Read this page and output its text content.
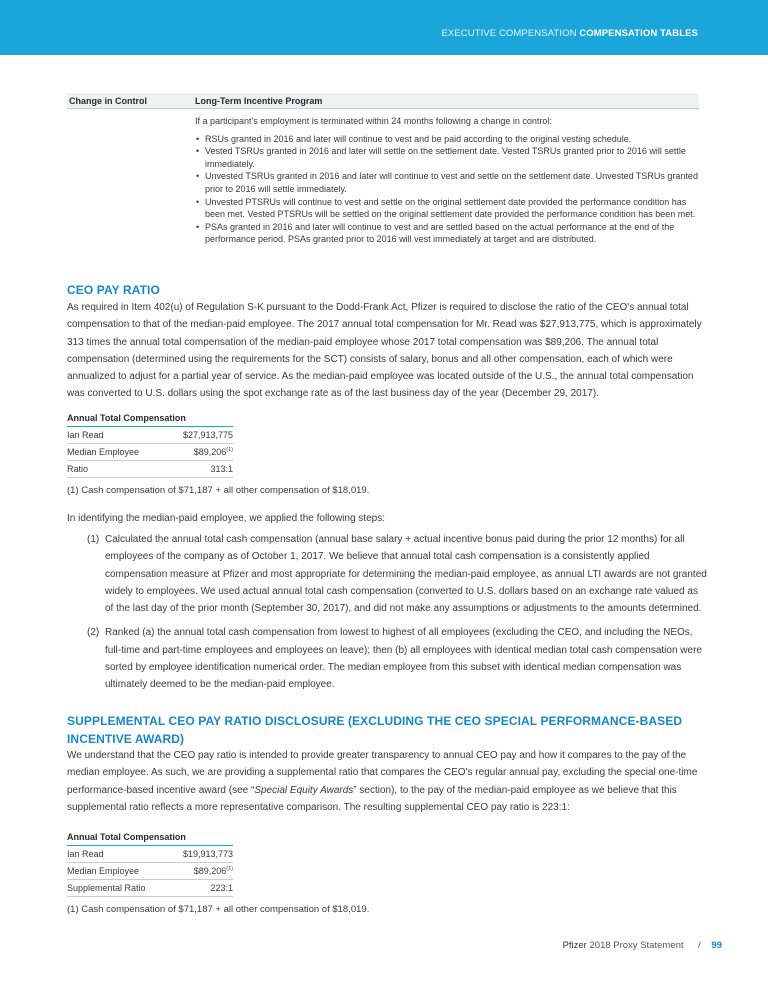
EXECUTIVE COMPENSATION COMPENSATION TABLES
Change in Control	Long-Term Incentive Program
If a participant's employment is terminated within 24 months following a change in control:
• RSUs granted in 2016 and later will continue to vest and be paid according to the original vesting schedule.
• Vested TSRUs granted in 2016 and later will settle on the settlement date. Vested TSRUs granted prior to 2016 will settle immediately.
• Unvested TSRUs granted in 2016 and later will continue to vest and settle on the settlement date. Unvested TSRUs granted prior to 2016 will settle immediately.
• Unvested PTSRUs will continue to vest and settle on the original settlement date provided the performance condition has been met. Vested PTSRUs will be settled on the original settlement date provided the performance condition has been met.
• PSAs granted in 2016 and later will continue to vest and are settled based on the actual performance at the end of the performance period. PSAs granted prior to 2016 will vest immediately at target and are distributed.
CEO PAY RATIO
As required in Item 402(u) of Regulation S-K pursuant to the Dodd-Frank Act, Pfizer is required to disclose the ratio of the CEO's annual total compensation to that of the median-paid employee. The 2017 annual total compensation for Mr. Read was $27,913,775, which is approximately 313 times the annual total compensation of the median-paid employee whose 2017 total compensation was $89,206. The annual total compensation (determined using the requirements for the SCT) consists of salary, bonus and all other compensation, each of which were annualized to adjust for a partial year of service. As the median-paid employee was located outside of the U.S., the annual total compensation was converted to U.S. dollars using the spot exchange rate as of the last business day of the year (December 29, 2017).
Annual Total Compensation
Ian Read	$27,913,775
Median Employee	$89,206$^{(1)}$
Ratio	313:1
(1) Cash compensation of $71,187 + all other compensation of $18,019.
In identifying the median-paid employee, we applied the following steps:
(1) Calculated the annual total cash compensation (annual base salary + actual incentive bonus paid during the prior 12 months) for all employees of the company as of October 1, 2017. We believe that annual total cash compensation is a consistently applied compensation measure at Pfizer and most appropriate for determining the median-paid employee, as annual LTI awards are not granted widely to employees. We used actual annual total cash compensation (converted to U.S. dollars based on an exchange rate valued as of the last day of the prior month (September 30, 2017), and did not make any assumptions or adjustments to the amounts determined.
(2) Ranked (a) the annual total cash compensation from lowest to highest of all employees (excluding the CEO, and including the NEOs, full-time and part-time employees and employees on leave); then (b) all employees with identical median total cash compensation were sorted by employee identification numerical order. The median employee from this subset with identical median compensation was ultimately deemed to be the median-paid employee.
SUPPLEMENTAL CEO PAY RATIO DISCLOSURE (EXCLUDING THE CEO SPECIAL PERFORMANCE-BASED INCENTIVE AWARD)
We understand that the CEO pay ratio is intended to provide greater transparency to annual CEO pay and how it compares to the pay of the median employee. As such, we are providing a supplemental ratio that compares the CEO's regular annual pay, excluding the special one-time performance-based incentive award (see “Special Equity Awards” section), to the pay of the median-paid employee as we believe that this supplemental ratio reflects a more representative comparison. The resulting supplemental CEO pay ratio is 223:1:
Annual Total Compensation
Ian Read	$19,913,773
Median Employee	$89,206$^{(1)}$
Supplemental Ratio	223:1
(1) Cash compensation of $71,187 + all other compensation of $18,019.
Pfizer 2018 Proxy Statement / 99
